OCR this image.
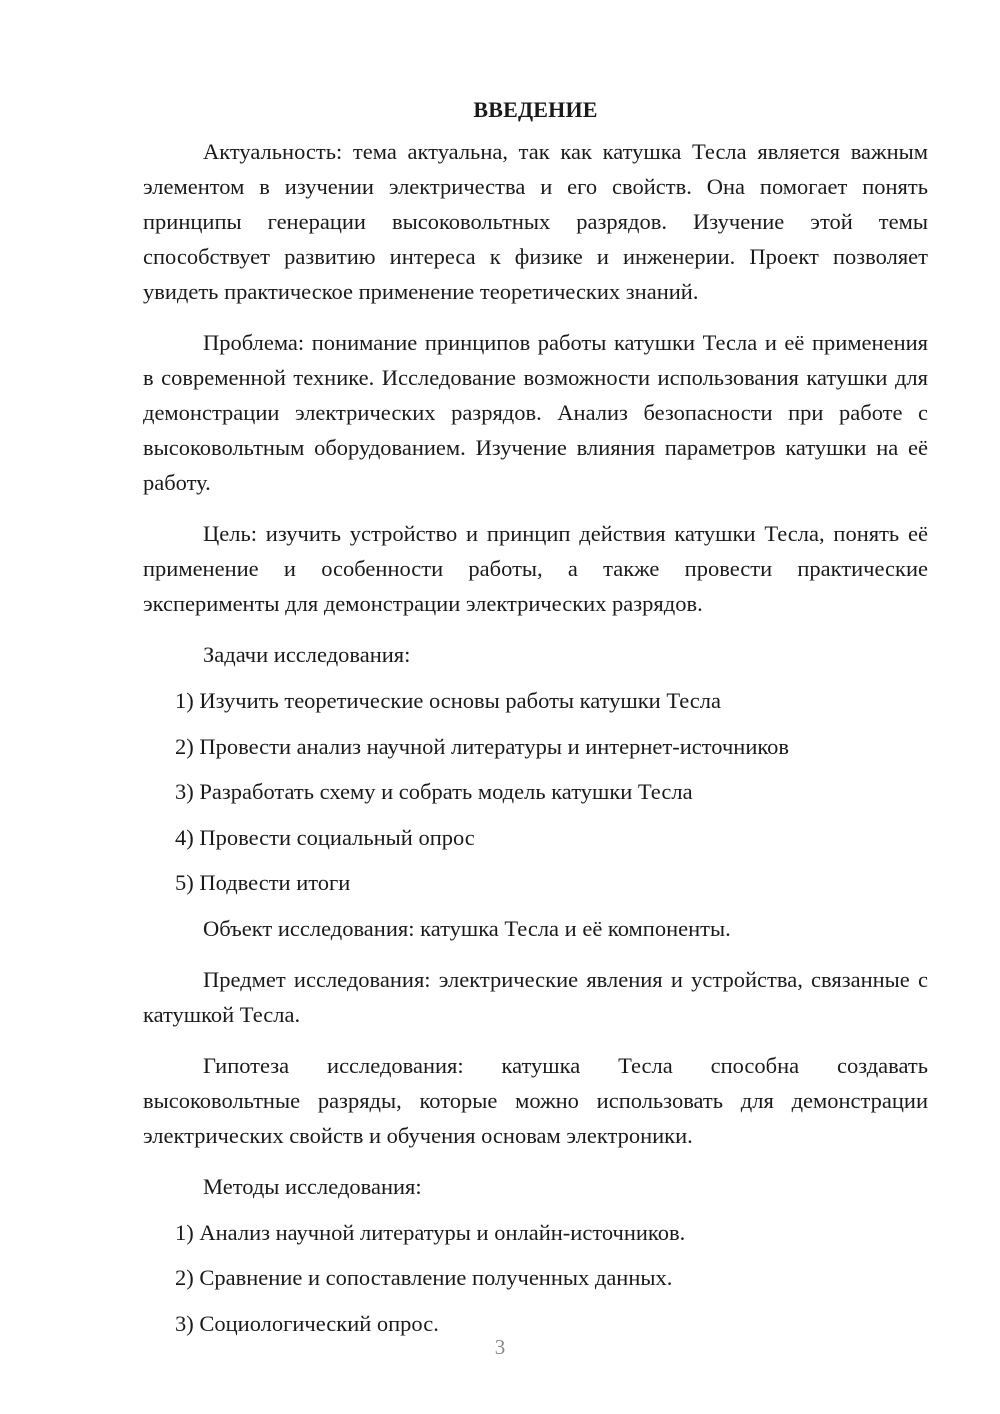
ВВЕДЕНИЕ

Актуальность: тема актуальна, так как катушка Тесла является важным элементом в изучении электричества и его свойств. Она помогает понять принципы генерации высоковольтных разрядов. Изучение этой темы способствует развитию интереса к физике и инженерии. Проект позволяет увидеть практическое применение теоретических знаний.

Проблема: понимание принципов работы катушки Тесла и её применения в современной технике. Исследование возможности использования катушки для демонстрации электрических разрядов. Анализ безопасности при работе с высоковольтным оборудованием. Изучение влияния параметров катушки на её работу.

Цель: изучить устройство и принцип действия катушки Тесла, понять её применение и особенности работы, а также провести практические эксперименты для демонстрации электрических разрядов.

Задачи исследования:

1) Изучить теоретические основы работы катушки Тесла

2) Провести анализ научной литературы и интернет-источников

3) Разработать схему и собрать модель катушки Тесла

4) Провести социальный опрос

5) Подвести итоги

Объект исследования: катушка Тесла и её компоненты.

Предмет исследования: электрические явления и устройства, связанные с катушкой Тесла.

Гипотеза исследования: катушка Тесла способна создавать высоковольтные разряды, которые можно использовать для демонстрации электрических свойств и обучения основам электроники.

Методы исследования:

1) Анализ научной литературы и онлайн-источников.

2) Сравнение и сопоставление полученных данных.

3) Социологический опрос.

3
